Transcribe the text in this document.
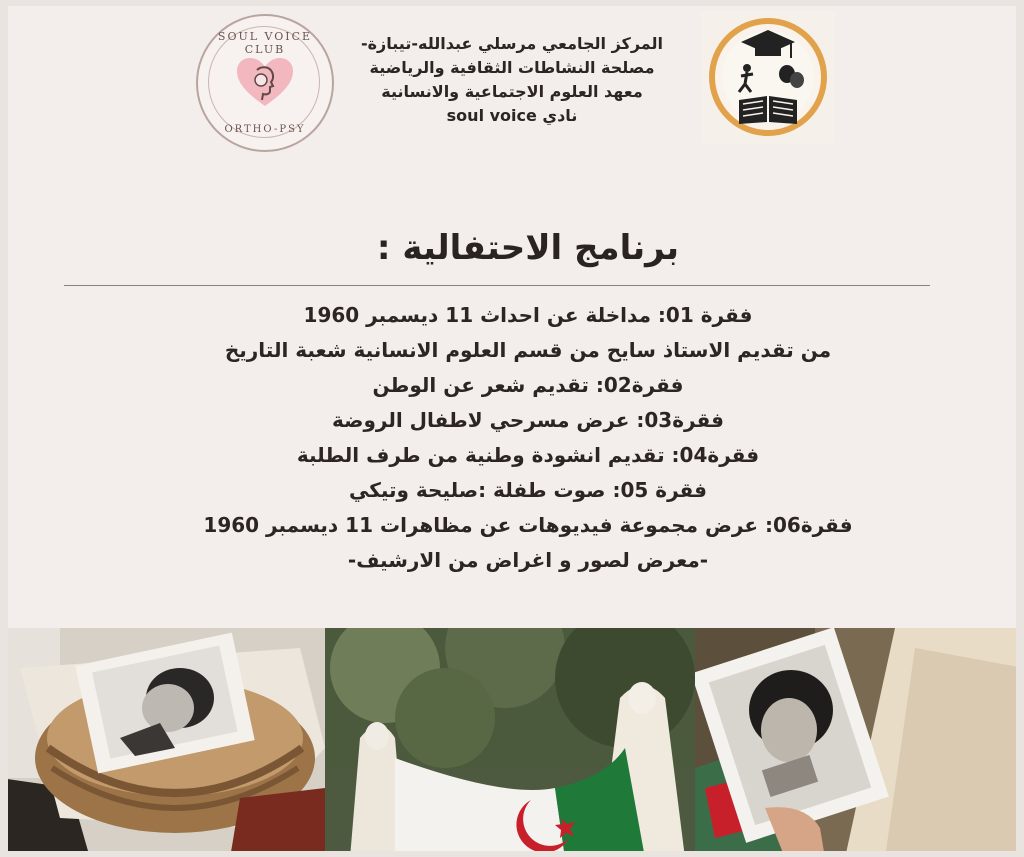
SOUL VOICE CLUB
ORTHO-PSY
المركز الجامعي مرسلي عبدالله-تيبازة-
مصلحة النشاطات الثقافية والرياضية
معهد العلوم الاجتماعية والانسانية
نادي soul voice
برنامج الاحتفالية :
فقرة 01: مداخلة عن احداث 11 ديسمبر 1960
من تقديم الاستاذ سايح من قسم العلوم الانسانية شعبة التاريخ
فقرة02: تقديم شعر عن الوطن
فقرة03: عرض مسرحي لاطفال الروضة
فقرة04: تقديم انشودة وطنية من طرف الطلبة
فقرة 05: صوت طفلة :صليحة وتيكي
فقرة06: عرض مجموعة فيديوهات عن مظاهرات 11 ديسمبر 1960
-معرض لصور و اغراض من الارشيف-
